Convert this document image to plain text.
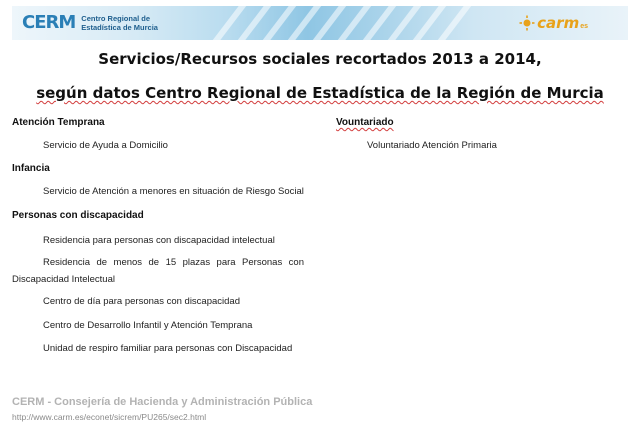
CERM Centro Regional de
Estadística de Murcia	carm es
Servicios/Recursos sociales recortados 2013 a 2014,
según datos Centro Regional de Estadística de la Región de Murcia
Atención Temprana
Servicio de Ayuda a Domicilio
Infancia
Servicio de Atención a menores en situación de Riesgo Social
Personas con discapacidad
Residencia para personas con discapacidad intelectual
Residencia de menos de 15 plazas para Personas con Discapacidad Intelectual
Centro de día para personas con discapacidad
Centro de Desarrollo Infantil y Atención Temprana
Unidad de respiro familiar para personas con Discapacidad
Vountariado
Voluntariado Atención Primaria
CERM - Consejería de Hacienda y Administración Pública
http://www.carm.es/econet/sicrem/PU265/sec2.html
